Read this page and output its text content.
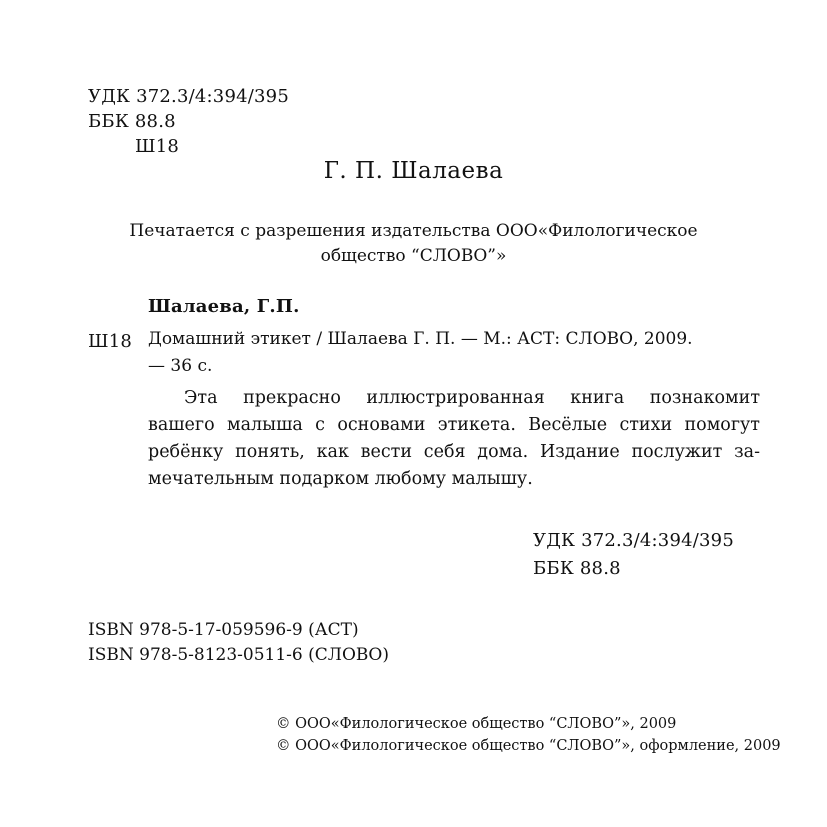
УДК 372.3/4:394/395
ББК 88.8
Ш18
Г. П. Шалаева
Печатается с разрешения издательства ООО«Филологическое
общество “СЛОВО”»
Шалаева, Г.П.
Ш18 Домашний этикет / Шалаева Г. П. — М.: АСТ: СЛОВО, 2009.
— 36 с.
Эта прекрасно иллюстрированная книга познакомит
вашего малыша с основами этикета. Весёлые стихи помогут
ребёнку понять, как вести себя дома. Издание послужит за-
мечательным подарком любому малышу.
УДК 372.3/4:394/395
ББК 88.8
ISBN 978-5-17-059596-9 (АСТ)
ISBN 978-5-8123-0511-6 (СЛОВО)
© ООО«Филологическое общество “СЛОВО”», 2009
© ООО«Филологическое общество “СЛОВО”», оформление, 2009
